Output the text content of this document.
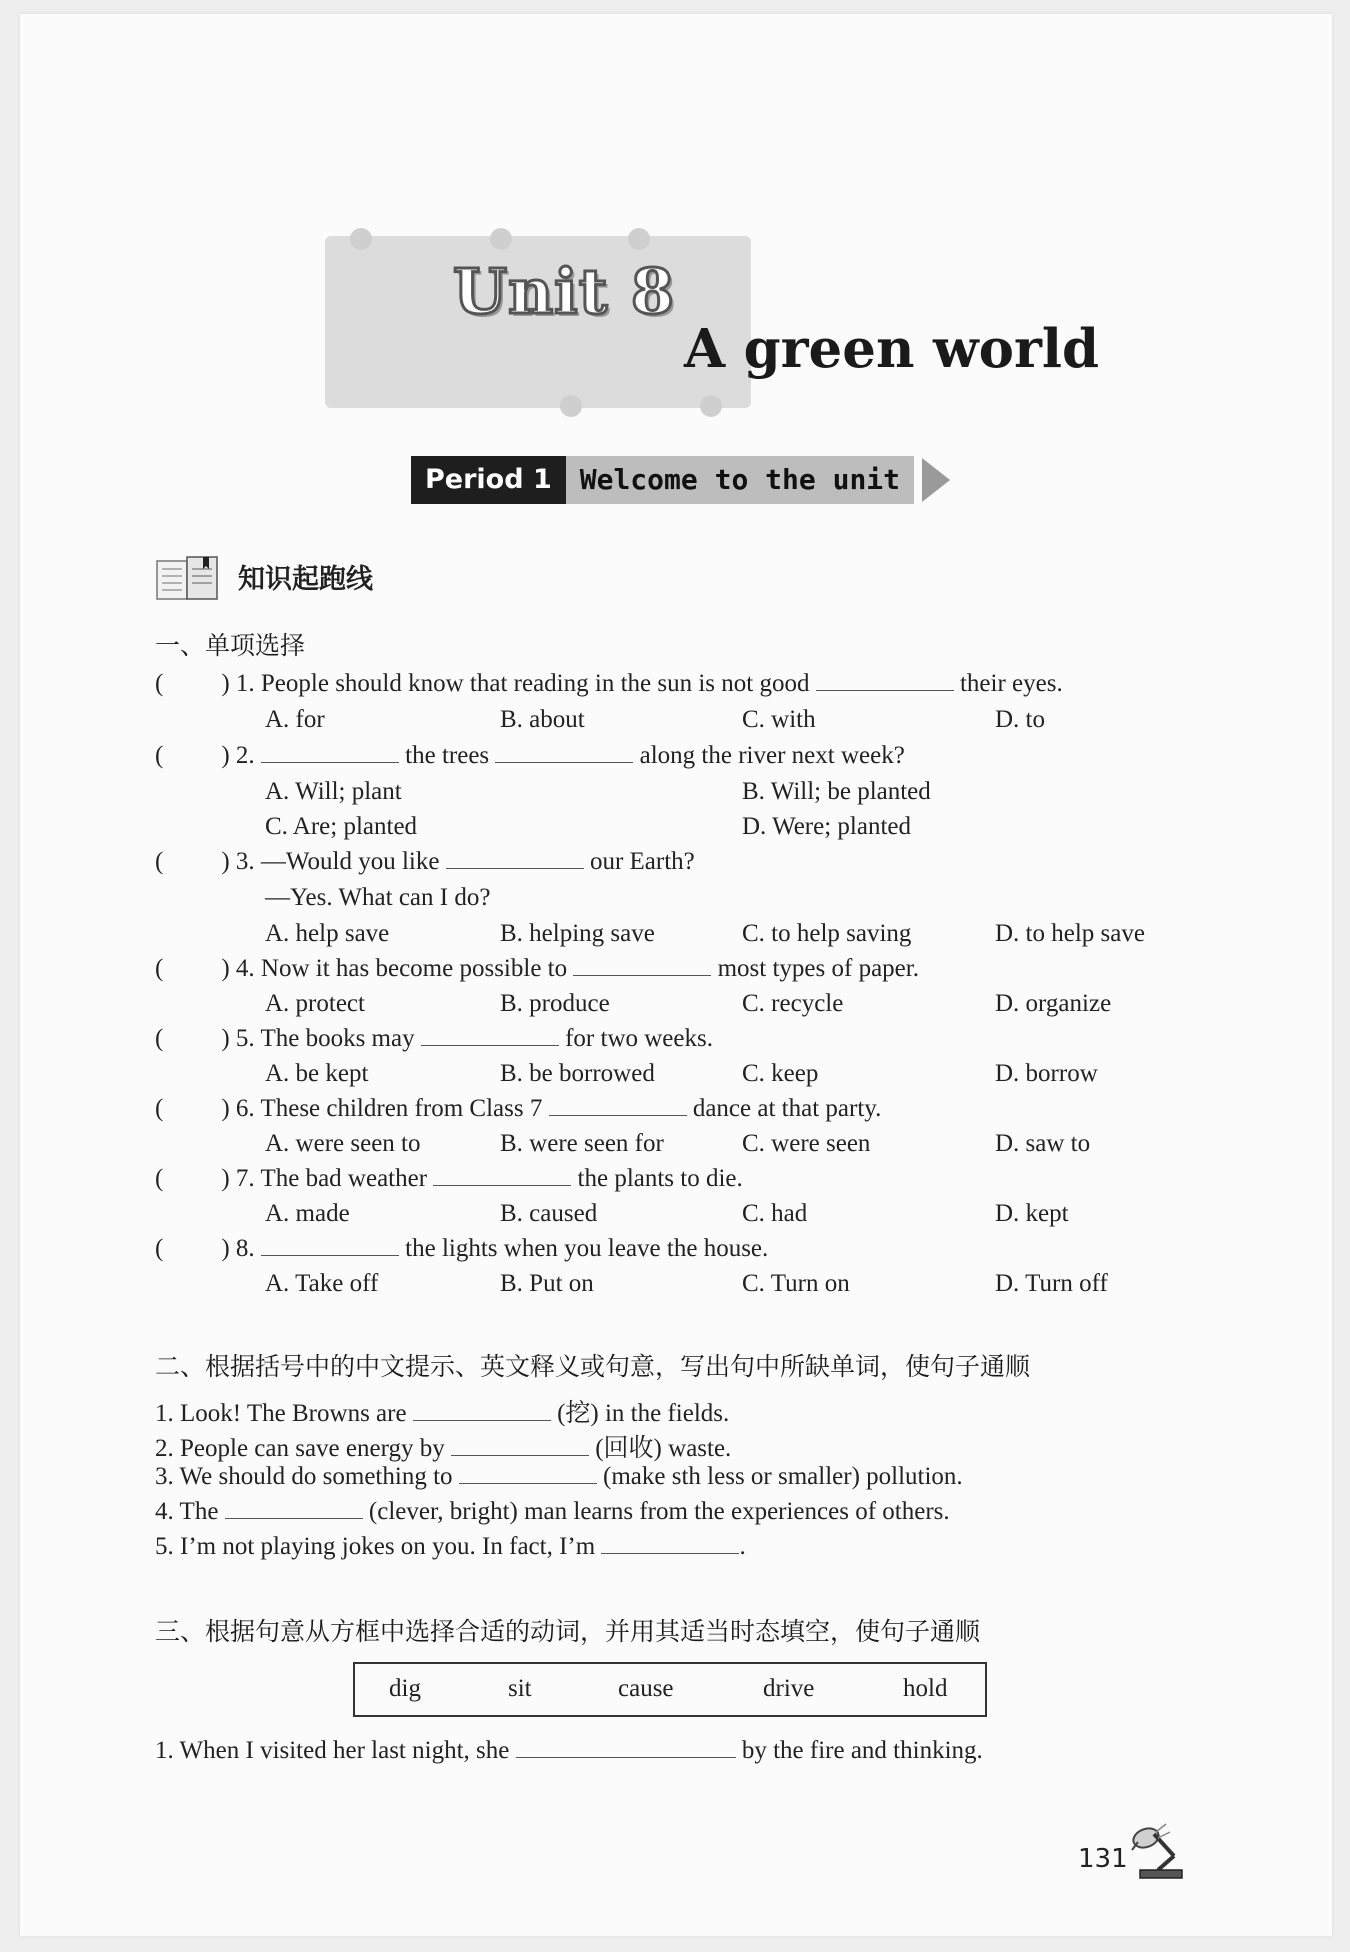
Unit 8
A green world
Period 1	Welcome to the unit
知识起跑线
一、单项选择
( ) 1. People should know that reading in the sun is not good	their eyes.
A. for	B. about	C. with	D. to
( ) 2.	the trees	along the river next week?
A. Will; plant	B. Will; be planted
C. Are; planted	D. Were; planted
( ) 3. —Would you like	our Earth?
—Yes. What can I do?
A. help save	B. helping save	C. to help saving	D. to help save
( ) 4. Now it has become possible to	most types of paper.
A. protect	B. produce	C. recycle	D. organize
( ) 5. The books may	for two weeks.
A. be kept	B. be borrowed	C. keep	D. borrow
( ) 6. These children from Class 7	dance at that party.
A. were seen to	B. were seen for	C. were seen	D. saw to
( ) 7. The bad weather	the plants to die.
A. made	B. caused	C. had	D. kept
( ) 8.	the lights when you leave the house.
A. Take off	B. Put on	C. Turn on	D. Turn off
二、根据括号中的中文提示、英文释义或句意，写出句中所缺单词，使句子通顺
1. Look! The Browns are	(挖) in the fields.
2. People can save energy by	(回收) waste.
3. We should do something to	(make sth less or smaller) pollution.
4. The	(clever, bright) man learns from the experiences of others.
5. I’m not playing jokes on you. In fact, I’m	.
三、根据句意从方框中选择合适的动词，并用其适当时态填空，使句子通顺
dig	sit	cause	drive	hold
1. When I visited her last night, she	by the fire and thinking.
131
